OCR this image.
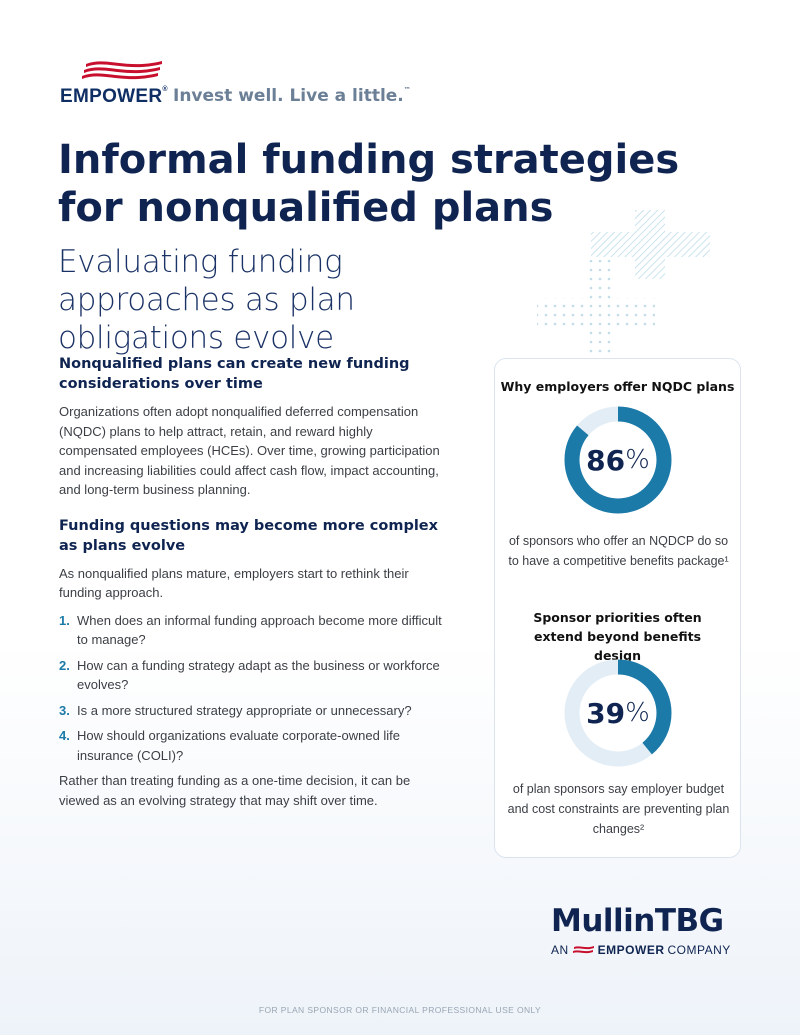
EMPOWER® Invest well. Live a little.™
Informal funding strategies for nonqualified plans
Evaluating funding approaches as plan obligations evolve
Nonqualified plans can create new funding considerations over time
Organizations often adopt nonqualified deferred compensation (NQDC) plans to help attract, retain, and reward highly compensated employees (HCEs). Over time, growing participation and increasing liabilities could affect cash flow, impact accounting, and long-term business planning.
Funding questions may become more complex as plans evolve
As nonqualified plans mature, employers start to rethink their funding approach.
1. When does an informal funding approach become more difficult to manage?
2. How can a funding strategy adapt as the business or workforce evolves?
3. Is a more structured strategy appropriate or unnecessary?
4. How should organizations evaluate corporate-owned life insurance (COLI)?
Rather than treating funding as a one-time decision, it can be viewed as an evolving strategy that may shift over time.
Why employers offer NQDC plans
86 %
of sponsors who offer an NQDCP do so to have a competitive benefits package¹
Sponsor priorities often extend beyond benefits design
39 %
of plan sponsors say employer budget and cost constraints are preventing plan changes²
MullinTBG
AN EMPOWER COMPANY
FOR PLAN SPONSOR OR FINANCIAL PROFESSIONAL USE ONLY
